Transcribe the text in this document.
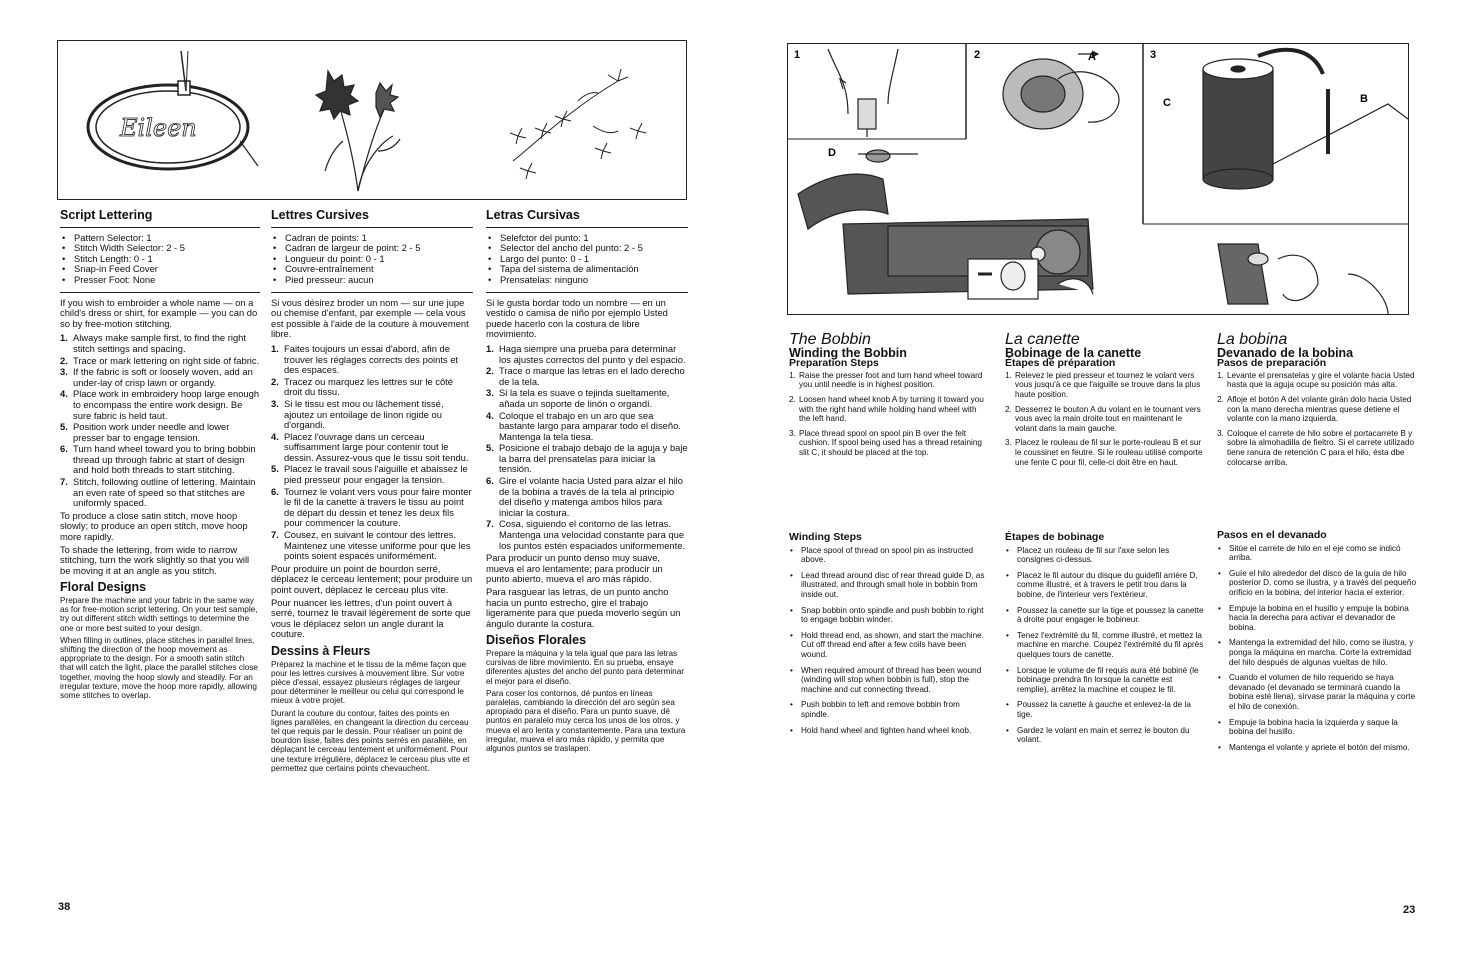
Eileen
Script Lettering
• Pattern Selector: 1
• Stitch Width Selector: 2 - 5
• Stitch Length: 0 - 1
• Snap-in Feed Cover
• Presser Foot: None

If you wish to embroider a whole name — on a child's dress or shirt, for example — you can do so by free-motion stitching.

1. Always make sample first, to find the right stitch settings and spacing.
2. Trace or mark lettering on right side of fabric.
3. If the fabric is soft or loosely woven, add an under-lay of crisp lawn or organdy.
4. Place work in embroidery hoop large enough to encompass the entire work design. Be sure fabric is held taut.
5. Position work under needle and lower presser bar to engage tension.
6. Turn hand wheel toward you to bring bobbin thread up through fabric at start of design and hold both threads to start stitching.
7. Stitch, following outline of lettering. Maintain an even rate of speed so that stitches are uniformly spaced.

To produce a close satin stitch, move hoop slowly; to produce an open stitch, move hoop more rapidly.

To shade the lettering, from wide to narrow stitching, turn the work slightly so that you will be moving it at an angle as you stitch.

Floral Designs

Prepare the machine and your fabric in the same way as for free-motion script lettering. On your test sample, try out different stitch width settings to determine the one or more best suited to your design.

When filling in outlines, place stitches in parallel lines, shifting the direction of the hoop movement as appropriate to the design. For a smooth satin stitch that will catch the light, place the parallel stitches close together, moving the hoop slowly and steadily. For an irregular texture, move the hoop more rapidly, allowing some stitches to overlap.

Lettres Cursives
• Cadran de points: 1
• Cadran de largeur de point: 2 - 5
• Longueur du point: 0 - 1
• Couvre-entraînement
• Pied presseur: aucun

Si vous désirez broder un nom — sur une jupe ou chemise d'enfant, par exemple — cela vous est possible à l'aide de la couture à mouvement libre.

1. Faites toujours un essai d'abord, afin de trouver les réglages corrects des points et des espaces.
2. Tracez ou marquez les lettres sur le côté droit du tissu.
3. Si le tissu est mou ou lâchement tissé, ajoutez un entoilage de linon rigide ou d'organdi.
4. Placez l'ouvrage dans un cerceau suffisamment large pour contenir tout le dessin. Assurez-vous que le tissu soit tendu.
5. Placez le travail sous l'aiguille et abaissez le pied presseur pour engager la tension.
6. Tournez le volant vers vous pour faire monter le fil de la canette à travers le tissu au point de départ du dessin et tenez les deux fils pour commencer la couture.
7. Cousez, en suivant le contour des lettres. Maintenez une vitesse uniforme pour que les points soient espacés uniformément.

Pour produire un point de bourdon serré, déplacez le cerceau lentement; pour produire un point ouvert, déplacez le cerceau plus vite.

Pour nuancer les lettres, d'un point ouvert à serré, tournez le travail légèrement de sorte que vous le déplacez selon un angle durant la couture.

Dessins à Fleurs

Préparez la machine et le tissu de la même façon que pour les lettres cursives à mouvement libre. Sur votre pièce d'essai, essayez plusieurs réglages de largeur pour déterminer le meilleur ou celui qui correspond le mieux à votre projet.

Durant la couture du contour, faites des points en lignes parallèles, en changeant la direction du cerceau tel que requis par le dessin. Pour réaliser un point de bourdon lisse, faites des points serrés en parallèle, en déplaçant le cerceau lentement et uniformément. Pour une texture irrégulière, déplacez le cerceau plus vite et permettez que certains points chevauchent.

Letras Cursivas
• Selefctor del punto: 1
• Selector del ancho del punto: 2 - 5
• Largo del punto: 0 - 1
• Tapa del sistema de alimentación
• Prensatelas: ninguno

Si le gusta bordar todo un nombre — en un vestido o camisa de niño por ejemplo Usted puede hacerlo con la costura de libre movimiento.

1. Haga siempre una prueba para determinar los ajustes correctos del punto y del espacio.
2. Trace o marque las letras en el lado derecho de la tela.
3. Si la tela es suave o tejinda sueltamente, añada un soporte de linón o organdí.
4. Coloque el trabajo en un aro que sea bastante largo para amparar todo el diseño. Mantenga la tela tiesa.
5. Posicione el trabajo debajo de la aguja y baje la barra del prensatelas para iniciar la tensión.
6. Gire el volante hacia Usted para alzar el hilo de la bobina a través de la tela al principio del diseño y matenga ambos hilos para iniciar la costura.
7. Cosa, siguiendo el contorno de las letras. Mantenga una velocidad constante para que los puntos estén espaciados uniformemente.

Para producir un punto denso muy suave, mueva el aro lentamente; para producir un punto abierto, mueva el aro más rápido.

Para rasguear las letras, de un punto ancho hacia un punto estrecho, gire el trabajo ligeramente para que pueda moverlo según un ángulo durante la costura.

Diseños Florales

Prepare la máquina y la tela igual que para las letras cursivas de libre movimiento. En su prueba, ensaye diferentes ajustes del ancho del punto para determinar el mejor para el diseño.

Para coser los contornos, dé puntos en líneas paralelas, cambiando la dirección del aro según sea apropiado para el diseño. Para un punto suave, dé puntos en paralelo muy cerca los unos de los otros, y mueva el aro lenta y constantemente. Para una textura irregular, mueva el aro más rápido, y permita que algunos puntos se traslapen.

38
1	2	3
A
C	B
D
The Bobbin
Winding the Bobbin
Preparation Steps
1. Raise the presser foot and turn hand wheel toward you until needle is in highest position.
2. Loosen hand wheel knob A by turning it toward you with the right hand while holding hand wheel with the left hand.
3. Place thread spool on spool pin B over the felt cushion. If spool being used has a thread retaining slit C, it should be placed at the top.
Winding Steps
• Place spool of thread on spool pin as instructed above.
• Lead thread around disc of rear thread guide D, as illustrated, and through small hole in bobbin from inside out.
• Snap bobbin onto spindle and push bobbin to right to engage bobbin winder.
• Hold thread end, as shown, and start the machine. Cut off thread end after a few coils have been wound.
• When required amount of thread has been wound (winding will stop when bobbin is full), stop the machine and cut connecting thread.
• Push bobbin to left and remove bobbin from spindle.
• Hold hand wheel and tighten hand wheel knob.
La canette
Bobinage de la canette
Étapes de préparation
1. Relevez le pied presseur et tournez le volant vers vous jusqu'à ce que l'aiguille se trouve dans la plus haute position.
2. Desserrez le bouton A du volant en le tournant vers vous avec la main droite tout en maintenant le volant dans la main gauche.
3. Placez le rouleau de fil sur le porte-rouleau B et sur le coussinet en feutre. Si le rouleau utilisé comporte une fente C pour fil, celle-ci doit être en haut.
Étapes de bobinage
• Placez un rouleau de fil sur l'axe selon les consignes ci-dessus.
• Placez le fil autour du disque du guidefil arrière D, comme illustré, et à travers le petit trou dans la bobine, de l'interieur vers l'extérieur.
• Poussez la canette sur la tige et poussez la canette à droite pour engager le bobineur.
• Tenez l'extrémité du fil, comme illustré, et mettez la machine en marche. Coupez l'extrémité du fil après quelques tours de canette.
• Lorsque le volume de fil requis aura été bobiné (le bobinage prendra fin lorsque la canette est remplie), arrêtez la machine et coupez le fil.
• Poussez la canette à gauche et enlevez-la de la tige.
• Gardez le volant en main et serrez le bouton du volant.
La bobina
Devanado de la bobina
Pasos de preparación
1. Levante el prensatelas y gire el volante hacia Usted hasta que la aguja ocupe su posición más alta.
2. Afloje el botón A del volante girán dolo hacia Usted con la mano derecha mientras quese detiene el volante con la mano izquierda.
3. Coloque el carrete de hilo sobre el portacarrete B y sobre la almohadilla de fieltro. Si el carrete utilizado tiene ranura de retención C para el hilo, ésta dbe colocarse arriba.
Pasos en el devanado
• Sitúe el carrete de hilo en el eje como se indicó arriba.
• Guíe el hilo alrededor del disco de la guía de hilo posterior D, como se ilustra, y a través del pequeño orificio en la bobina, del interior hacia el exterior.
• Empuje la bobina en el husillo y empuje la bobina hacia la derecha para activar el devanador de bobina.
• Mantenga la extremidad del hilo, como se ilustra, y ponga la máquina en marcha. Corte la extremidad del hilo después de algunas vueltas de hilo.
• Cuando el volumen de hilo requerido se haya devanado (el devanado se terminará cuando la bobina esté llena), sírvase parar la máquina y corte el hilo de conexión.
• Empuje la bobina hacia la izquierda y saque la bobina del husillo.
• Mantenga el volante y apriete el botón del mismo.
23
